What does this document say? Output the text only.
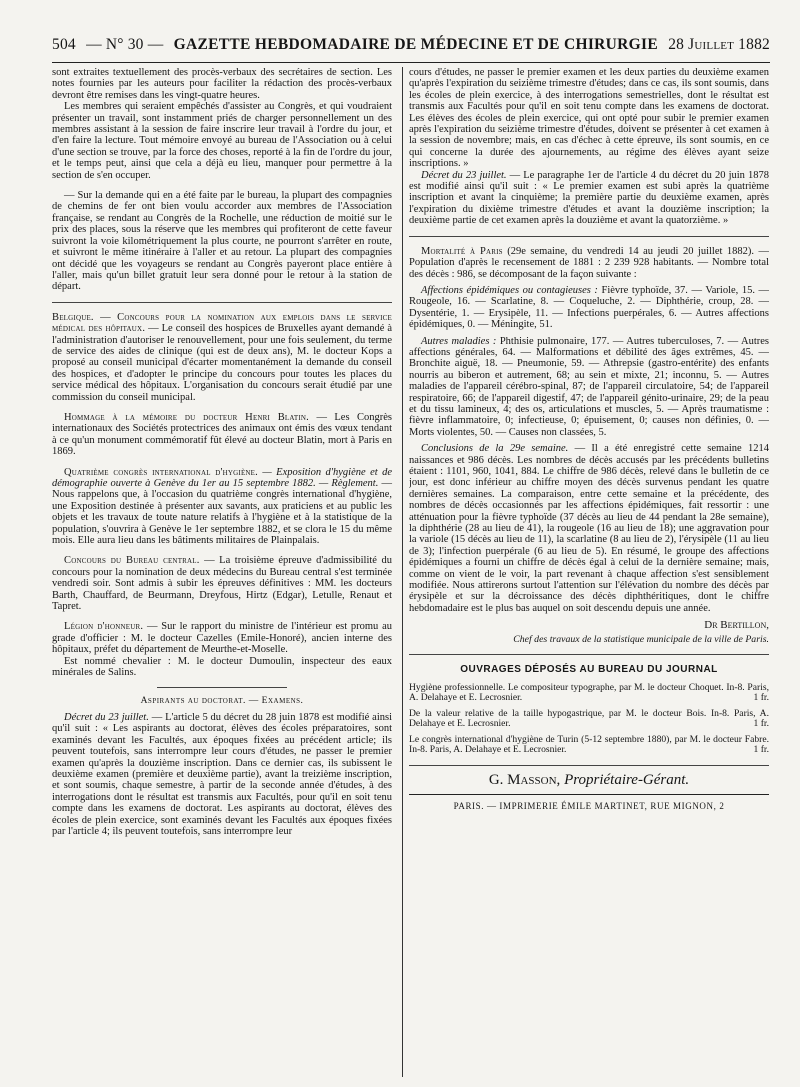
504 — N° 30 — GAZETTE HEBDOMADAIRE DE MÉDECINE ET DE CHIRURGIE 28 Juillet 1882

sont extraites textuellement des procès-verbaux des secrétaires de section. Les notes fournies par les auteurs pour faciliter la rédaction des procès-verbaux devront être remises dans les vingt-quatre heures.

Les membres qui seraient empêchés d'assister au Congrès, et qui voudraient présenter un travail, sont instamment priés de charger personnellement un des membres assistant à la session de faire inscrire leur travail à l'ordre du jour, et d'en faire la lecture. Tout mémoire envoyé au bureau de l'Association ou à celui d'une section se trouve, par la force des choses, reporté à la fin de l'ordre du jour, et le temps peut, ainsi que cela a déjà eu lieu, manquer pour permettre à la section de s'en occuper.

— Sur la demande qui en a été faite par le bureau, la plupart des compagnies de chemins de fer ont bien voulu accorder aux membres de l'Association française, se rendant au Congrès de la Rochelle, une réduction de moitié sur le prix des places, sous la réserve que les membres qui profiteront de cette faveur suivront la voie kilométriquement la plus courte, ne pourront s'arrêter en route, et suivront le même itinéraire à l'aller et au retour. La plupart des compagnies ont décidé que les voyageurs se rendant au Congrès payeront place entière à l'aller, mais qu'un billet gratuit leur sera donné pour le retour à la station de départ.

Belgique. — Concours pour la nomination aux emplois dans le service médical des hôpitaux. — Le conseil des hospices de Bruxelles ayant demandé à l'administration d'autoriser le renouvellement, pour une fois seulement, du terme de service des aides de clinique (qui est de deux ans), M. le docteur Kops a proposé au conseil municipal d'écarter momentanément la demande du conseil des hospices, et d'adopter le principe du concours pour toutes les places du service médical des hôpitaux. L'organisation du concours serait étudié par une commission du conseil municipal.

Hommage à la mémoire du docteur Henri Blatin. — Les Congrès internationaux des Sociétés protectrices des animaux ont émis des vœux tendant à ce qu'un monument commémoratif fût élevé au docteur Blatin, mort à Paris en 1869.

Quatrième congrès international d'hygiène. — Exposition d'hygiène et de démographie ouverte à Genève du 1er au 15 septembre 1882. — Règlement. — Nous rappelons que, à l'occasion du quatrième congrès international d'hygiène, une Exposition destinée à présenter aux savants, aux praticiens et au public les objets et les travaux de toute nature relatifs à l'hygiène et à la statistique de la population, s'ouvrira à Genève le 1er septembre 1882, et se clora le 15 du même mois. Elle aura lieu dans les bâtiments militaires de Plainpalais.

Concours du Bureau central. — La troisième épreuve d'admissibilité du concours pour la nomination de deux médecins du Bureau central s'est terminée vendredi soir. Sont admis à subir les épreuves définitives : MM. les docteurs Barth, Chauffard, de Beurmann, Dreyfous, Hirtz (Edgar), Letulle, Renaut et Tapret.

Légion d'honneur. — Sur le rapport du ministre de l'intérieur est promu au grade d'officier : M. le docteur Cazelles (Emile-Honoré), ancien interne des hôpitaux, préfet du département de Meurthe-et-Moselle.

Est nommé chevalier : M. le docteur Dumoulin, inspecteur des eaux minérales de Salins.

Aspirants au doctorat. — Examens.

Décret du 23 juillet. — L'article 5 du décret du 28 juin 1878 est modifié ainsi qu'il suit : « Les aspirants au doctorat, élèves des écoles préparatoires, sont examinés devant les Facultés, aux époques fixées au précédent article; ils peuvent toutefois, sans interrompre leur cours d'études, ne passer le premier examen qu'après la douzième inscription. Dans ce dernier cas, ils subissent le deuxième examen (première et deuxième partie), avant la treizième inscription, et sont soumis, chaque semestre, à partir de la seconde année d'études, à des interrogations dont le résultat est transmis aux Facultés, pour qu'il en soit tenu compte dans les examens de doctorat. Les aspirants au doctorat, élèves des écoles de plein exercice, sont examinés devant les Facultés aux époques fixées par l'article 4; ils peuvent toutefois, sans interrompre leur

cours d'études, ne passer le premier examen et les deux parties du deuxième examen qu'après l'expiration du seizième trimestre d'études; dans ce cas, ils sont soumis, dans les écoles de plein exercice, à des interrogations semestrielles, dont le résultat est transmis aux Facultés pour qu'il en soit tenu compte dans les examens de doctorat. Les élèves des écoles de plein exercice, qui ont opté pour subir le premier examen après l'expiration du seizième trimestre d'études, doivent se présenter à cet examen à la session de novembre; mais, en cas d'échec à cette épreuve, ils sont soumis, en ce qui concerne la durée des ajournements, au régime des élèves ayant seize inscriptions. »

Décret du 23 juillet. — Le paragraphe 1er de l'article 4 du décret du 20 juin 1878 est modifié ainsi qu'il suit : « Le premier examen est subi après la quatrième inscription et avant la cinquième; la première partie du deuxième examen, après l'expiration du dixième trimestre d'études et avant la douzième inscription; la deuxième partie de cet examen après la douzième et avant la quatorzième. »

Mortalité à Paris (29e semaine, du vendredi 14 au jeudi 20 juillet 1882). — Population d'après le recensement de 1881 : 2 239 928 habitants. — Nombre total des décès : 986, se décomposant de la façon suivante :

Affections épidémiques ou contagieuses : Fièvre typhoïde, 37. — Variole, 15. — Rougeole, 16. — Scarlatine, 8. — Coqueluche, 2. — Diphthérie, croup, 28. — Dysentérie, 1. — Erysipèle, 11. — Infections puerpérales, 6. — Autres affections épidémiques, 0. — Méningite, 51.

Autres maladies : Phthisie pulmonaire, 177. — Autres tuberculoses, 7. — Autres affections générales, 64. — Malformations et débilité des âges extrêmes, 45. — Bronchite aiguë, 18. — Pneumonie, 59. — Athrepsie (gastro-entérite) des enfants nourris au biberon et autrement, 68; au sein et mixte, 21; inconnu, 5. — Autres maladies de l'appareil cérébro-spinal, 87; de l'appareil circulatoire, 54; de l'appareil respiratoire, 66; de l'appareil digestif, 47; de l'appareil génito-urinaire, 29; de la peau et du tissu lamineux, 4; des os, articulations et muscles, 5. — Après traumatisme : fièvre inflammatoire, 0; infectieuse, 0; épuisement, 0; causes non définies, 0. — Morts violentes, 50. — Causes non classées, 5.

Conclusions de la 29e semaine. — Il a été enregistré cette semaine 1214 naissances et 986 décès. Les nombres de décès accusés par les précédents bulletins étaient : 1101, 960, 1041, 884. Le chiffre de 986 décès, relevé dans le bulletin de ce jour, est donc inférieur au chiffre moyen des décès survenus pendant les quatre dernières semaines. La comparaison, entre cette semaine et la précédente, des nombres de décès occasionnés par les affections épidémiques, fait ressortir : une atténuation pour la fièvre typhoïde (37 décès au lieu de 44 pendant la 28e semaine), la diphthérie (28 au lieu de 41), la rougeole (16 au lieu de 18); une aggravation pour la variole (15 décès au lieu de 11), la scarlatine (8 au lieu de 2), l'érysipèle (11 au lieu de 3); l'infection puerpérale (6 au lieu de 5). En résumé, le groupe des affections épidémiques a fourni un chiffre de décès égal à celui de la dernière semaine; mais, comme on vient de le voir, la part revenant à chaque affection s'est sensiblement modifiée. Nous attirerons surtout l'attention sur l'élévation du nombre des décès par érysipèle et sur la décroissance des décès diphthéritiques, dont le chiffre hebdomadaire est le plus bas auquel on soit descendu depuis une année.

Dr Bertillon,
Chef des travaux de la statistique municipale de la ville de Paris.
OUVRAGES DÉPOSÉS AU BUREAU DU JOURNAL
Hygiène professionnelle. Le compositeur typographe, par M. le docteur Choquet. In-8. Paris, A. Delahaye et E. Lecrosnier.	1 fr.
De la valeur relative de la taille hypogastrique, par M. le docteur Bois. In-8. Paris, A. Delahaye et E. Lecrosnier.	1 fr.
Le congrès international d'hygiène de Turin (5-12 septembre 1880), par M. le docteur Fabre. In-8. Paris, A. Delahaye et E. Lecrosnier.	1 fr.
G. Masson, Propriétaire-Gérant.
PARIS. — IMPRIMERIE ÉMILE MARTINET, RUE MIGNON, 2
